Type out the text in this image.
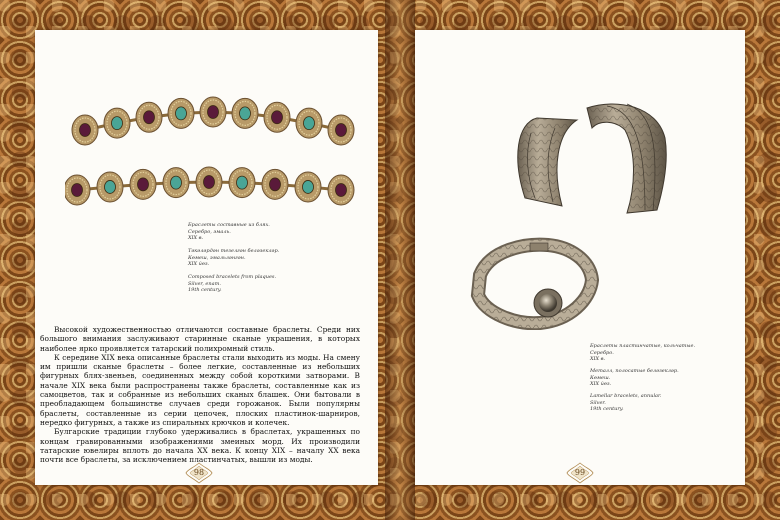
Браслеты составные из блях.
Серебро, эмаль.
XIX в.
Тәкәләрдән тезелгән беләзекләр.
Көмеш, эмальләнгән.
XIX йөз.
Composed bracelets from plaques.
Silver, enam.
19th century.

Высокой художественностью отличаются составные браслеты. Среди них большого внимания заслуживают старинные сканые украшения, в которых наиболее ярко проявляется татарский полихромный стиль.

К середине XIX века описанные браслеты стали выходить из моды. На смену им пришли сканые браслеты – более легкие, составленные из небольших фигурных блях-звеньев, соединенных между собой короткими затворами. В начале XIX века были распространены также браслеты, составленные как из самоцветов, так и собранные из небольших сканых блашек. Они бытовали в преобладающем большинстве случаев среди горожанок. Были популярны браслеты, составленные из серии цепочек, плоских пластинок-шарниров, нередко фигурных, а также из спиральных крючков и колечек.

Булгарские традиции глубоко удерживались в браслетах, украшенных по концам гравированными изображениями змеиных морд. Их производили татарские ювелиры вплоть до начала XX века. К концу XIX – началу XX века почти все браслеты, за исключением пластинчатых, вышли из моды.

98
Браслеты пластинчатые, кольчатые.
Серебро.
XIX в.
Металл, полосатые беләзекләр.
Көмеш.
XIX йөз.
Lamellar bracelets, annular.
Silver.
19th century.
99
